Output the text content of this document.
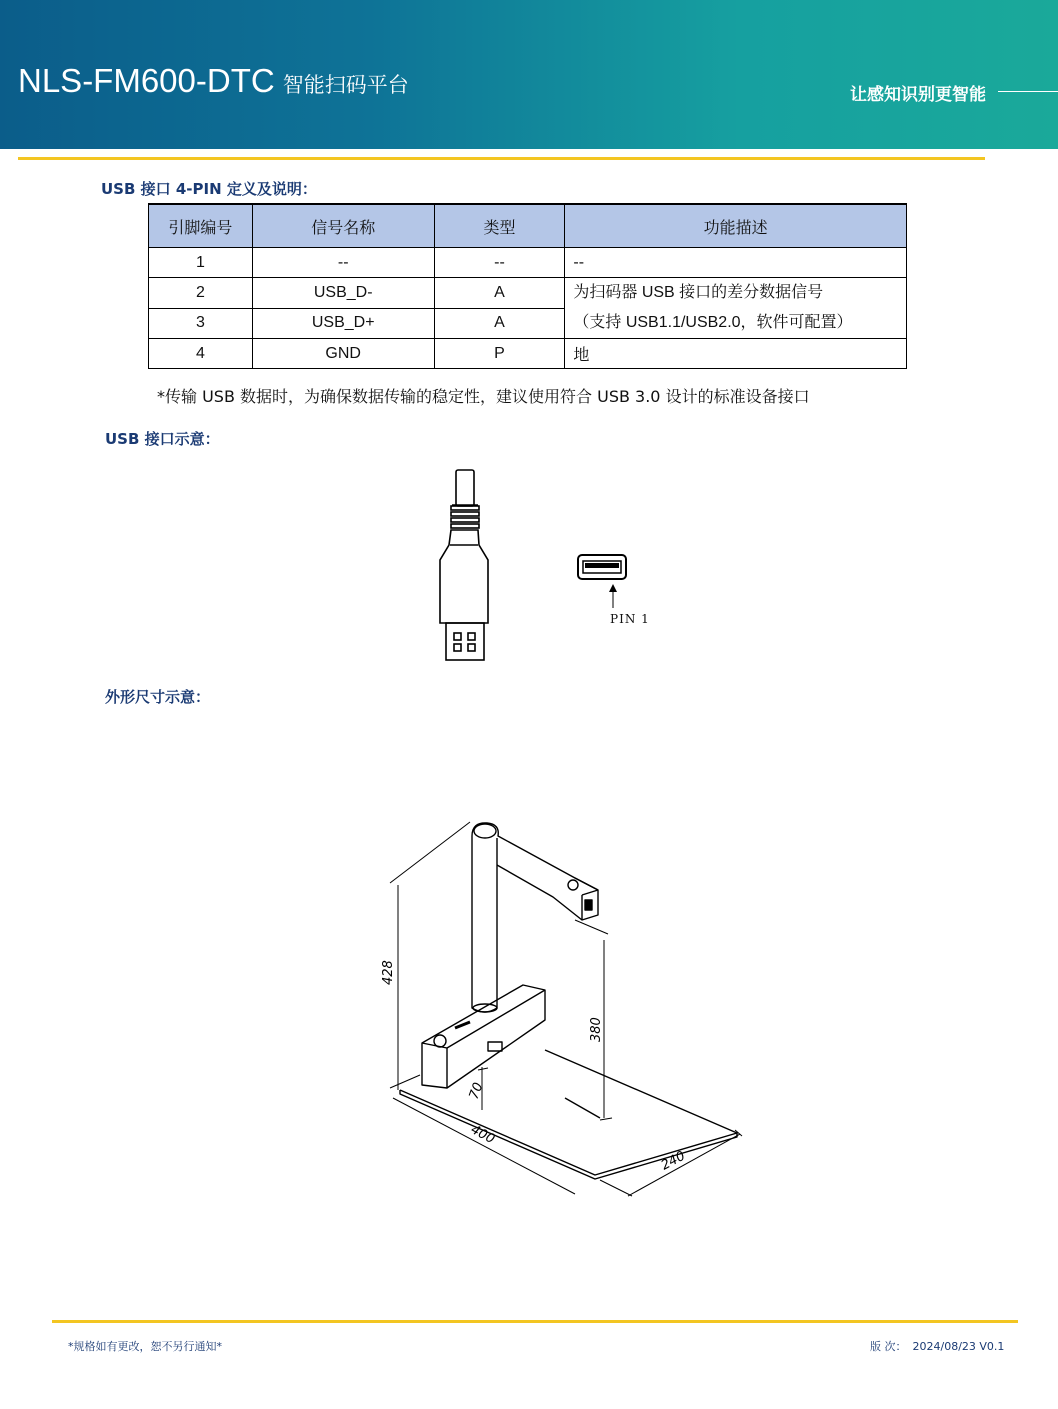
NLS-FM600-DTC 智能扫码平台	让感知识别更智能
USB 接口 4-PIN 定义及说明：
引脚编号	信号名称	类型	功能描述
1	--	--	--
2	USB_D-	A	为扫码器 USB 接口的差分数据信号
（支持 USB1.1/USB2.0，软件可配置）

3	USB_D+	A	
4	GND	P	地
*传输 USB 数据时，为确保数据传输的稳定性，建议使用符合 USB 3.0 设计的标准设备接口
USB 接口示意：
PIN 1
外形尺寸示意：
428
380
70
400
240
*规格如有更改，恕不另行通知*	版 次： 2024/08/23 V0.1
